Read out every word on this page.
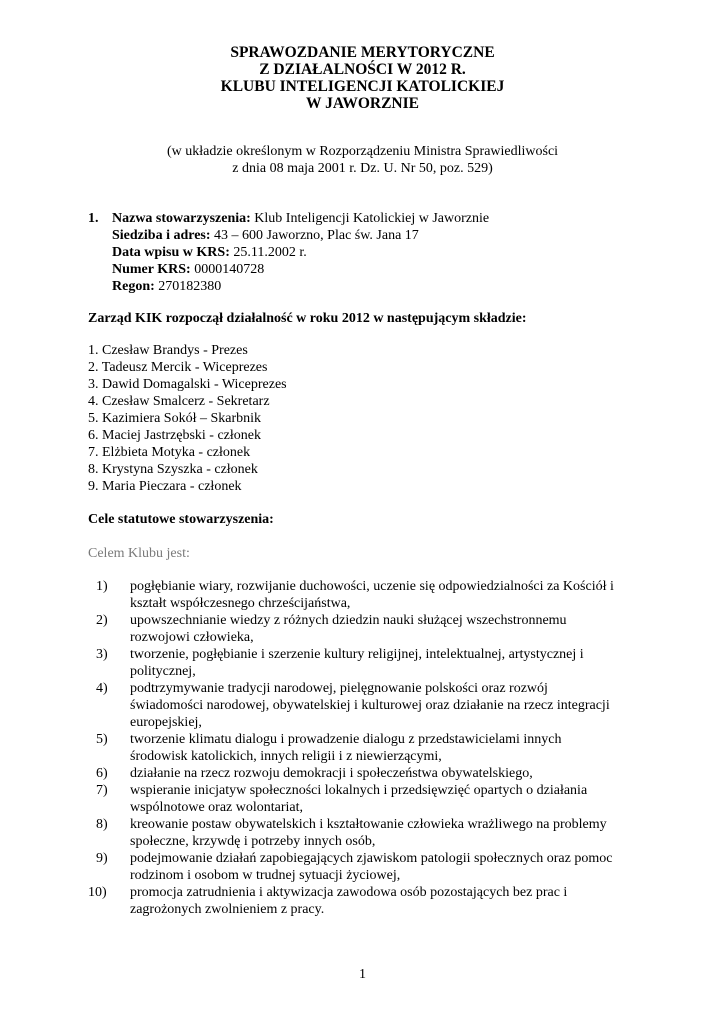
SPRAWOZDANIE MERYTORYCZNE
Z DZIAŁALNOŚCI W 2012 R.
KLUBU INTELIGENCJI KATOLICKIEJ
W JAWORZNIE
(w układzie określonym w Rozporządzeniu Ministra Sprawiedliwości
z dnia 08 maja 2001 r. Dz. U. Nr 50, poz. 529)
1. Nazwa stowarzyszenia: Klub Inteligencji Katolickiej w Jaworznie
Siedziba i adres: 43 – 600 Jaworzno, Plac św. Jana 17
Data wpisu w KRS: 25.11.2002 r.
Numer KRS: 0000140728
Regon: 270182380
Zarząd KIK rozpoczął działalność w roku 2012 w następującym składzie:
1. Czesław Brandys - Prezes
2. Tadeusz Mercik - Wiceprezes
3. Dawid Domagalski - Wiceprezes
4. Czesław Smalcerz - Sekretarz
5. Kazimiera Sokół – Skarbnik
6. Maciej Jastrzębski - członek
7. Elżbieta Motyka - członek
8. Krystyna Szyszka - członek
9. Maria Pieczara - członek
Cele statutowe stowarzyszenia:
Celem Klubu jest:
1) pogłębianie wiary, rozwijanie duchowości, uczenie się odpowiedzialności za Kościół i
kształt współczesnego chrześcijaństwa,
2) upowszechnianie wiedzy z różnych dziedzin nauki służącej wszechstronnemu
rozwojowi człowieka,
3) tworzenie, pogłębianie i szerzenie kultury religijnej, intelektualnej, artystycznej i
politycznej,
4) podtrzymywanie tradycji narodowej, pielęgnowanie polskości oraz rozwój
świadomości narodowej, obywatelskiej i kulturowej oraz działanie na rzecz integracji
europejskiej,
5) tworzenie klimatu dialogu i prowadzenie dialogu z przedstawicielami innych
środowisk katolickich, innych religii i z niewierzącymi,
6) działanie na rzecz rozwoju demokracji i społeczeństwa obywatelskiego,
7) wspieranie inicjatyw społeczności lokalnych i przedsięwzięć opartych o działania
wspólnotowe oraz wolontariat,
8) kreowanie postaw obywatelskich i kształtowanie człowieka wrażliwego na problemy
społeczne, krzywdę i potrzeby innych osób,
9) podejmowanie działań zapobiegających zjawiskom patologii społecznych oraz pomoc
rodzinom i osobom w trudnej sytuacji życiowej,
10) promocja zatrudnienia i aktywizacja zawodowa osób pozostających bez prac i
zagrożonych zwolnieniem z pracy.
1
